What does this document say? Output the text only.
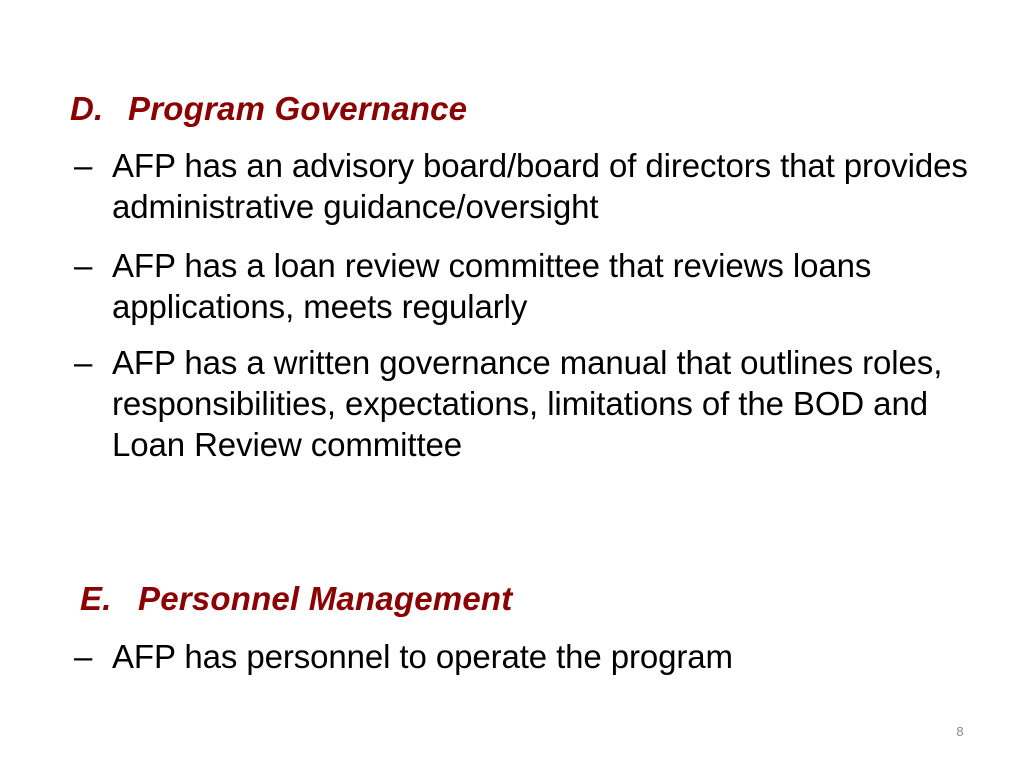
D. Program Governance
– AFP has an advisory board/board of directors that provides administrative guidance/oversight
– AFP has a loan review committee that reviews loans applications, meets regularly
– AFP has a written governance manual that outlines roles, responsibilities, expectations, limitations of the BOD and Loan Review committee
E. Personnel Management
– AFP has personnel to operate the program
8
